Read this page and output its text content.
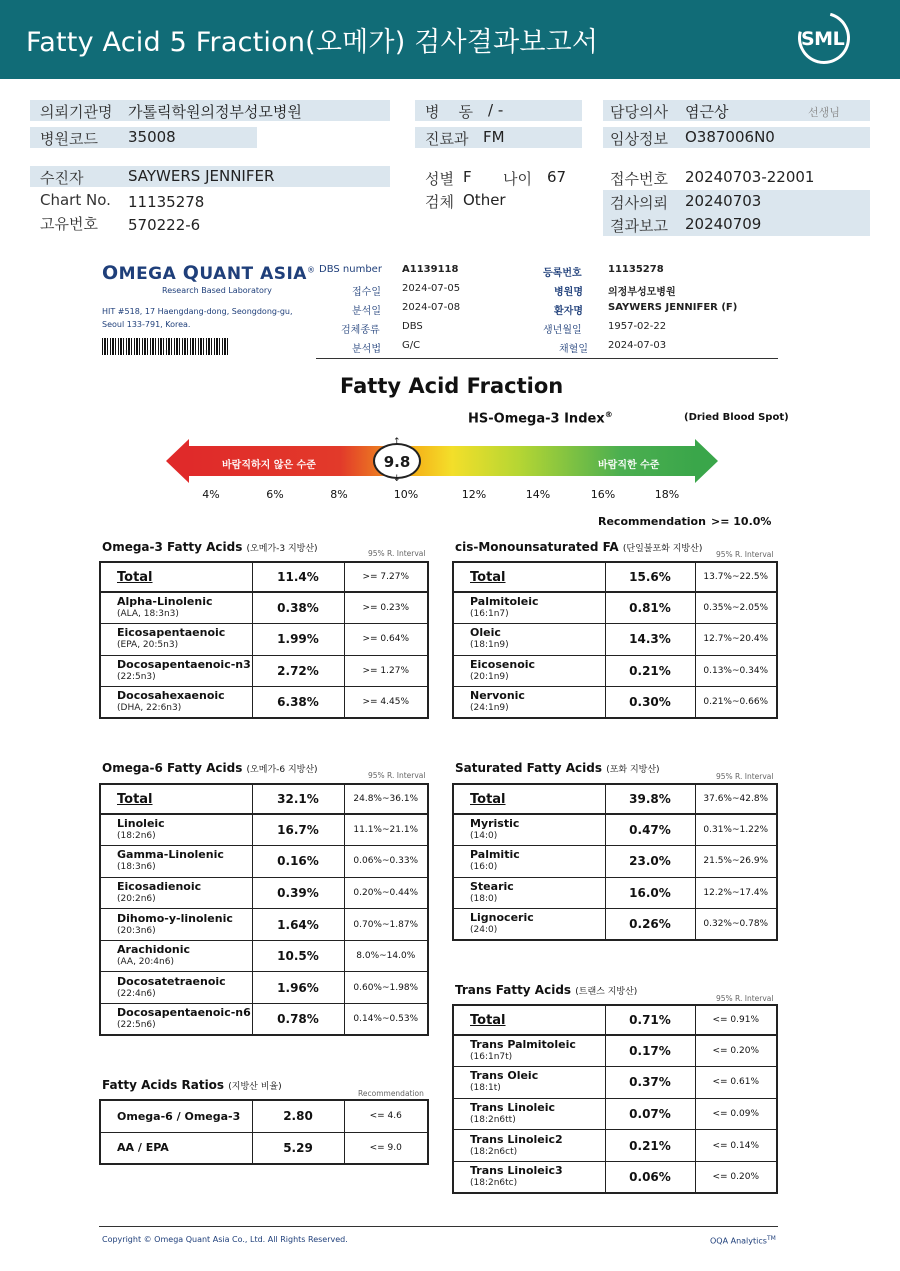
Fatty Acid 5 Fraction(오메가) 검사결과보고서	SML
의뢰기관명 가톨릭학원의정부성모병원
병원코드 35008
병    동 / -
진료과 FM
담당의사 염근상	선생님
임상정보 O387006N0
수진자	SAYWERS JENNIFER
Chart No. 11135278
고유번호 570222-6
성별 F 나이 67
검체 Other
접수번호 20240703-22001
검사의뢰 20240703
결과보고 20240709
OMEGA QUANT ASIA®
Research Based Laboratory
HIT #518, 17 Haengdang-dong, Seongdong-gu,
Seoul 133-791, Korea.
DBS number A1139118
접수일 2024-07-05
분석일 2024-07-08
검체종류 DBS
분석법 G/C
등록번호	11135278
병원명	의정부성모병원
환자명	SAYWERS JENNIFER (F)
생년월일	1957-02-22
채혈일 2024-07-03
Fatty Acid Fraction
HS-Omega-3 Index®	(Dried Blood Spot)
바람직하지 않은 수준	바람직한 수준
9.8
↑
↓
4%	6%	8%	10%	12%	14%	16%	18%
Recommendation >= 10.0%
Omega-3 Fatty Acids (오메가-3 지방산)	95% R. Interval cis-Monounsaturated FA (단일불포화 지방산)
95% R. Interval
Omega-6 Fatty Acids (오메가-6 지방산)
95% R. Interval
Saturated Fatty Acids (포화 지방산)
95% R. Interval
Trans Fatty Acids (트랜스 지방산)
95% R. Interval
Fatty Acids Ratios (지방산 비율)
Recommendation
Total	11.4%	>= 7.27%
Alpha-Linolenic
(ALA, 18:3n3)	0.38%	>= 0.23%
Eicosapentaenoic
(EPA, 20:5n3)	1.99%	>= 0.64%
Docosapentaenoic-n3
(22:5n3)	2.72%	>= 1.27%
Docosahexaenoic
(DHA, 22:6n3)	6.38%	>= 4.45%
Total	15.6%	13.7%~22.5%
Palmitoleic
(16:1n7)	0.81%	0.35%~2.05%
Oleic
(18:1n9)	14.3%	12.7%~20.4%
Eicosenoic
(20:1n9)	0.21%	0.13%~0.34%
Nervonic
(24:1n9)	0.30%	0.21%~0.66%
Total	32.1%	24.8%~36.1%
Linoleic
(18:2n6)	16.7%	11.1%~21.1%
Gamma-Linolenic
(18:3n6)	0.16%	0.06%~0.33%
Eicosadienoic
(20:2n6)	0.39%	0.20%~0.44%
Dihomo-y-linolenic
(20:3n6)	1.64%	0.70%~1.87%
Arachidonic
(AA, 20:4n6)	10.5%	8.0%~14.0%
Docosatetraenoic
(22:4n6)	1.96%	0.60%~1.98%
Docosapentaenoic-n6
(22:5n6)	0.78%	0.14%~0.53%
Total	39.8%	37.6%~42.8%
Myristic
(14:0)	0.47%	0.31%~1.22%
Palmitic
(16:0)	23.0%	21.5%~26.9%
Stearic
(18:0)	16.0%	12.2%~17.4%
Lignoceric
(24:0)	0.26%	0.32%~0.78%
Total	0.71%	<= 0.91%
Trans Palmitoleic
(16:1n7t)	0.17%	<= 0.20%
Trans Oleic
(18:1t)	0.37%	<= 0.61%
Trans Linoleic
(18:2n6tt)	0.07%	<= 0.09%
Trans Linoleic2
(18:2n6ct)	0.21%	<= 0.14%
Trans Linoleic3
(18:2n6tc)	0.06%	<= 0.20%
Omega-6 / Omega-3	2.80	<= 4.6
AA / EPA	5.29	<= 9.0
Copyright © Omega Quant Asia Co., Ltd. All Rights Reserved.	OQA Analytics™
